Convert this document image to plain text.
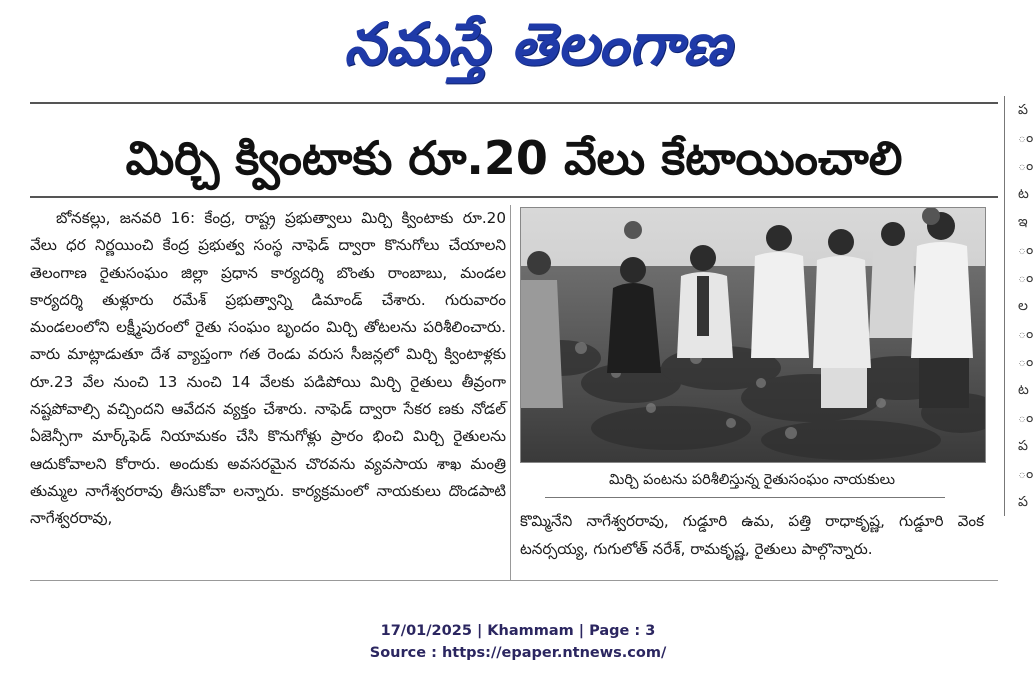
నమస్తే తెలంగాణ
మిర్చి క్వింటాకు రూ.20 వేలు కేటాయించాలి

బోనకల్లు, జనవరి 16: కేంద్ర, రాష్ట్ర ప్రభుత్వాలు మిర్చి క్వింటాకు రూ.20 వేలు ధర నిర్ణయించి కేంద్ర ప్రభుత్వ సంస్థ నాఫెడ్ ద్వారా కొనుగోలు చేయాలని తెలంగాణ రైతుసంఘం జిల్లా ప్రధాన కార్యదర్శి బొంతు రాంబాబు, మండల కార్యదర్శి తుళ్లూరు రమేశ్ ప్రభుత్వాన్ని డిమాండ్ చేశారు. గురువారం మండలంలోని లక్ష్మీపురంలో రైతు సంఘం బృందం మిర్చి తోటలను పరిశీలించారు. వారు మాట్లాడుతూ దేశ వ్యాప్తంగా గత రెండు వరుస సీజన్లలో మిర్చి క్వింటాళ్లకు రూ.23 వేల నుంచి 13 నుంచి 14 వేలకు పడిపోయి మిర్చి రైతులు తీవ్రంగా నష్టపోవాల్సి వచ్చిందని ఆవేదన వ్యక్తం చేశారు. నాఫెడ్ ద్వారా సేకర ణకు నోడల్ ఏజెన్సీగా మార్క్‌ఫెడ్ నియామకం చేసి కొనుగోళ్లు ప్రారం భించి మిర్చి రైతులను ఆదుకోవాలని కోరారు. అందుకు అవసరమైన చొరవను వ్యవసాయ శాఖ మంత్రి తుమ్మల నాగేశ్వరరావు తీసుకోవా లన్నారు. కార్యక్రమంలో నాయకులు దొండపాటి నాగేశ్వరరావు,

మిర్చి పంటను పరిశీలిస్తున్న రైతుసంఘం నాయకులు

కొమ్మినేని నాగేశ్వరరావు, గుడ్డూరి ఉమ, పత్తి రాధాకృష్ణ, గుడ్డూరి వెంక టనర్సయ్య, గుగులోత్ నరేశ్, రామకృష్ణ, రైతులు పాల్గొన్నారు.

ప
ం
ం
ట
ఇ
ం
ం
ల
ం
ం
ట
ం
ప
ం
ప
17/01/2025 | Khammam | Page : 3
Source : https://epaper.ntnews.com/
